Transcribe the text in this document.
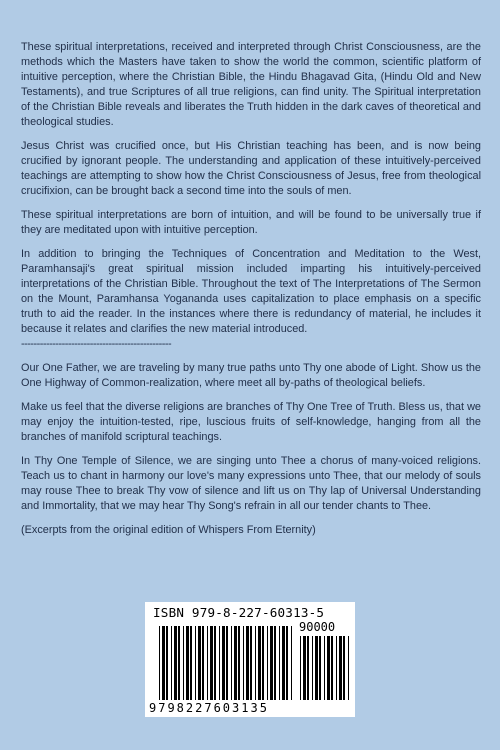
These spiritual interpretations, received and interpreted through Christ Consciousness, are the methods which the Masters have taken to show the world the common, scientific platform of intuitive perception, where the Christian Bible, the Hindu Bhagavad Gita, (Hindu Old and New Testaments), and true Scriptures of all true religions, can find unity. The Spiritual interpretation of the Christian Bible reveals and liberates the Truth hidden in the dark caves of theoretical and theological studies.

Jesus Christ was crucified once, but His Christian teaching has been, and is now being crucified by ignorant people. The understanding and application of these intuitively-perceived teachings are attempting to show how the Christ Consciousness of Jesus, free from theological crucifixion, can be brought back a second time into the souls of men.

These spiritual interpretations are born of intuition, and will be found to be universally true if they are meditated upon with intuitive perception.

In addition to bringing the Techniques of Concentration and Meditation to the West, Paramhansaji's great spiritual mission included imparting his intuitively-perceived interpretations of the Christian Bible. Throughout the text of The Interpretations of The Sermon on the Mount, Paramhansa Yogananda uses capitalization to place emphasis on a specific truth to aid the reader. In the instances where there is redundancy of material, he includes it because it relates and clarifies the new material introduced.

------------------------------------------------

Our One Father, we are traveling by many true paths unto Thy one abode of Light. Show us the One Highway of Common-realization, where meet all by-paths of theological beliefs.

Make us feel that the diverse religions are branches of Thy One Tree of Truth. Bless us, that we may enjoy the intuition-tested, ripe, luscious fruits of self-knowledge, hanging from all the branches of manifold scriptural teachings.

In Thy One Temple of Silence, we are singing unto Thee a chorus of many-voiced religions. Teach us to chant in harmony our love's many expressions unto Thee, that our melody of souls may rouse Thee to break Thy vow of silence and lift us on Thy lap of Universal Understanding and Immortality, that we may hear Thy Song's refrain in all our tender chants to Thee.

(Excerpts from the original edition of Whispers From Eternity)

ISBN 979-8-227-60313-5
90000
9798227603135
